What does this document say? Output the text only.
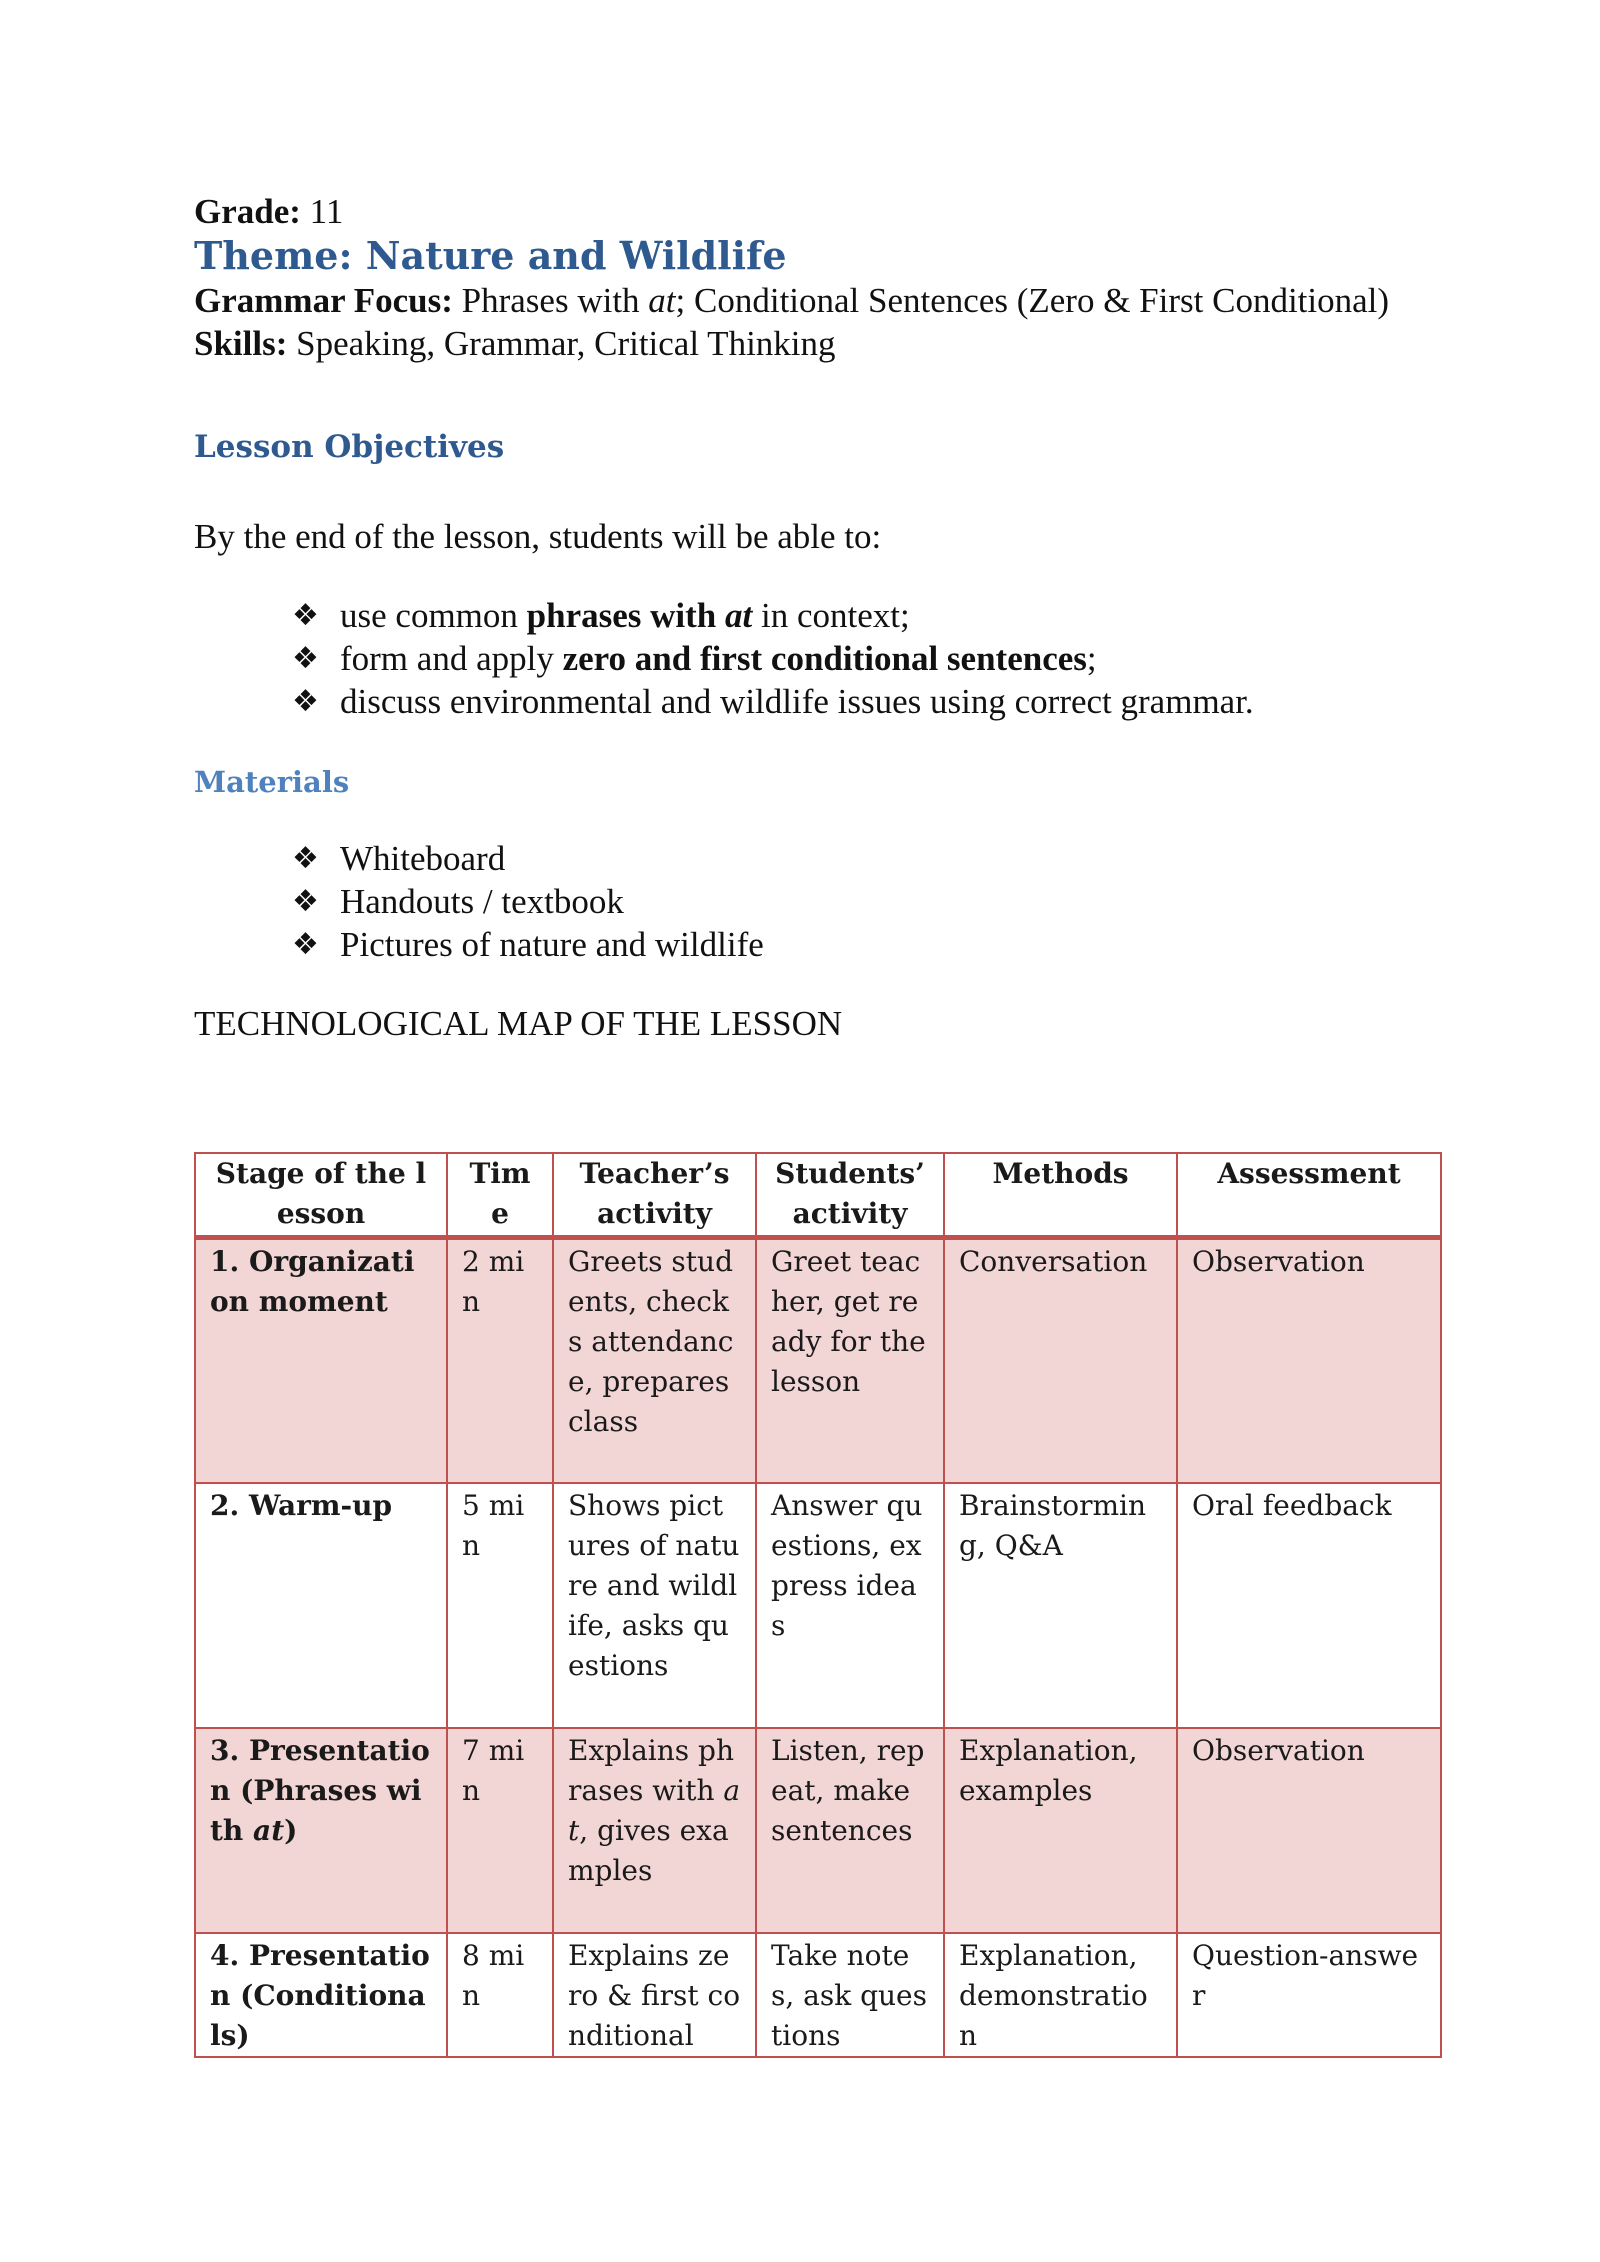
Grade: 11
Theme: Nature and Wildlife
Grammar Focus: Phrases with at; Conditional Sentences (Zero & First Conditional)
Skills: Speaking, Grammar, Critical Thinking
Lesson Objectives
By the end of the lesson, students will be able to:
❖ use common phrases with at in context;
❖ form and apply zero and first conditional sentences;
❖ discuss environmental and wildlife issues using correct grammar.
Materials
❖ Whiteboard
❖ Handouts / textbook
❖ Pictures of nature and wildlife
TECHNOLOGICAL MAP OF THE LESSON
Stage of the lesson	Time	Teacher’s activity	Students’ activity	Methods	Assessment
1. Organization moment	2 min	Greets students, checks attendance, prepares class	Greet teacher, get ready for the lesson	Conversation	Observation
2. Warm-up	5 min	Shows pictures of nature and wildlife, asks questions	Answer questions, express ideas	Brainstorming, Q&A	Oral feedback
3. Presentation (Phrases with at)	7 min	Explains phrases with at, gives examples	Listen, repeat, make sentences	Explanation, examples	Observation
4. Presentation (Conditionals)	8 min	Explains zero & first conditional	Take notes, ask questions	Explanation, demonstration	Question-answer
